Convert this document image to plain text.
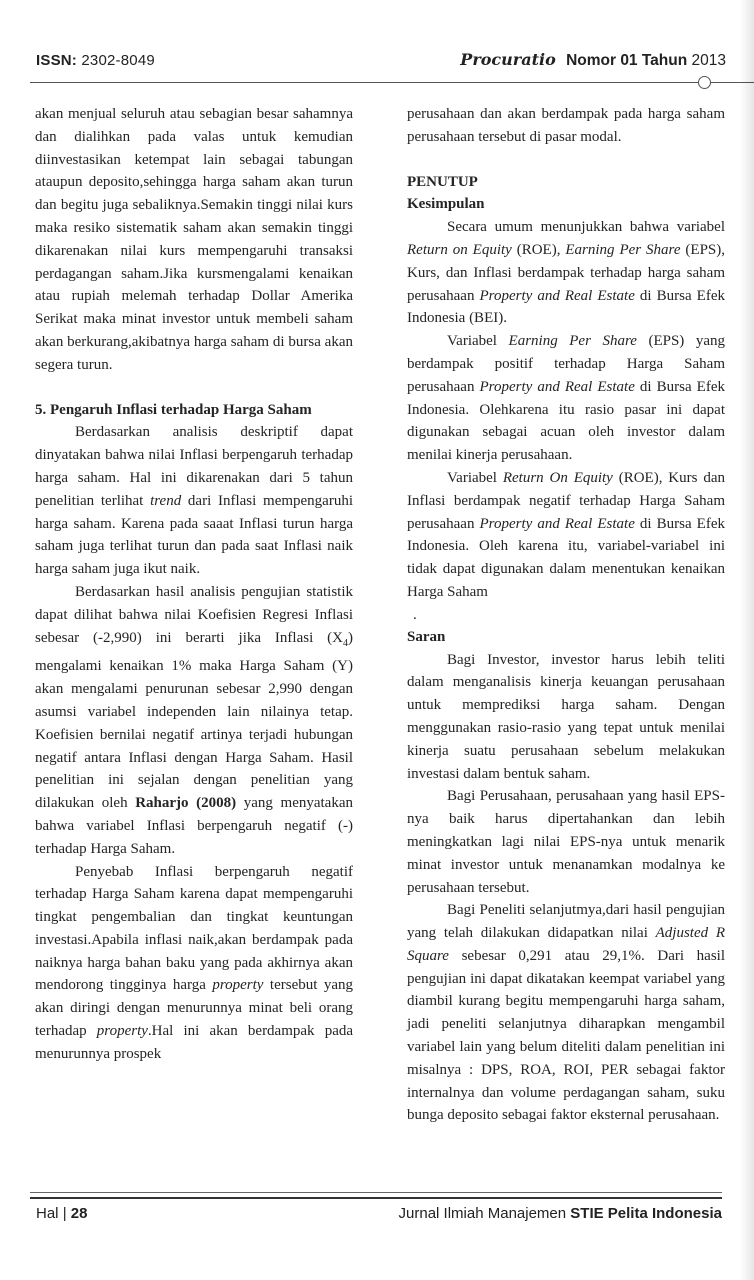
ISSN: 2302-8049	Procuratio Nomor 01 Tahun 2013

akan menjual seluruh atau sebagian besar sahamnya dan dialihkan pada valas untuk kemudian diinvestasikan ketempat lain sebagai tabungan ataupun deposito,sehingga harga saham akan turun dan begitu juga sebaliknya.Semakin tinggi nilai kurs maka resiko sistematik saham akan semakin tinggi dikarenakan nilai kurs mempengaruhi transaksi perdagangan saham.Jika kursmengalami kenaikan atau rupiah melemah terhadap Dollar Amerika Serikat maka minat investor untuk membeli saham akan berkurang,akibatnya harga saham di bursa akan segera turun.

5. Pengaruh Inflasi terhadap Harga Saham

Berdasarkan analisis deskriptif dapat dinyatakan bahwa nilai Inflasi berpengaruh terhadap harga saham. Hal ini dikarenakan dari 5 tahun penelitian terlihat trend dari Inflasi mempengaruhi harga saham. Karena pada saaat Inflasi turun harga saham juga terlihat turun dan pada saat Inflasi naik harga saham juga ikut naik.

Berdasarkan hasil analisis pengujian statistik dapat dilihat bahwa nilai Koefisien Regresi Inflasi sebesar (-2,990) ini berarti jika Inflasi $(X_4)$ mengalami kenaikan 1% maka Harga Saham (Y) akan mengalami penurunan sebesar 2,990 dengan asumsi variabel independen lain nilainya tetap. Koefisien bernilai negatif artinya terjadi hubungan negatif antara Inflasi dengan Harga Saham. Hasil penelitian ini sejalan dengan penelitian yang dilakukan oleh Raharjo (2008) yang menyatakan bahwa variabel Inflasi berpengaruh negatif (-) terhadap Harga Saham.

Penyebab Inflasi berpengaruh negatif terhadap Harga Saham karena dapat mempengaruhi tingkat pengembalian dan tingkat keuntungan investasi.Apabila inflasi naik,akan berdampak pada naiknya harga bahan baku yang pada akhirnya akan mendorong tingginya harga property tersebut yang akan diringi dengan menurunnya minat beli orang terhadap property.Hal ini akan berdampak pada menurunnya prospek

perusahaan dan akan berdampak pada harga saham perusahaan tersebut di pasar modal.

PENUTUP

Kesimpulan

Secara umum menunjukkan bahwa variabel Return on Equity (ROE), Earning Per Share (EPS), Kurs, dan Inflasi berdampak terhadap harga saham perusahaan Property and Real Estate di Bursa Efek Indonesia (BEI).

Variabel Earning Per Share (EPS) yang berdampak positif terhadap Harga Saham perusahaan Property and Real Estate di Bursa Efek Indonesia. Olehkarena itu rasio pasar ini dapat digunakan sebagai acuan oleh investor dalam menilai kinerja perusahaan.

Variabel Return On Equity (ROE), Kurs dan Inflasi berdampak negatif terhadap Harga Saham perusahaan Property and Real Estate di Bursa Efek Indonesia. Oleh karena itu, variabel-variabel ini tidak dapat digunakan dalam menentukan kenaikan Harga Saham

.

Saran

Bagi Investor, investor harus lebih teliti dalam menganalisis kinerja keuangan perusahaan untuk memprediksi harga saham. Dengan menggunakan rasio-rasio yang tepat untuk menilai kinerja suatu perusahaan sebelum melakukan investasi dalam bentuk saham.

Bagi Perusahaan, perusahaan yang hasil EPS-nya baik harus dipertahankan dan lebih meningkatkan lagi nilai EPS-nya untuk menarik minat investor untuk menanamkan modalnya ke perusahaan tersebut.

Bagi Peneliti selanjutmya,dari hasil pengujian yang telah dilakukan didapatkan nilai Adjusted R Square sebesar 0,291 atau 29,1%. Dari hasil pengujian ini dapat dikatakan keempat variabel yang diambil kurang begitu mempengaruhi harga saham, jadi peneliti selanjutnya diharapkan mengambil variabel lain yang belum diteliti dalam penelitian ini misalnya : DPS, ROA, ROI, PER sebagai faktor internalnya dan volume perdagangan saham, suku bunga deposito sebagai faktor eksternal perusahaan.

Hal | 28	Jurnal Ilmiah Manajemen STIE Pelita Indonesia
